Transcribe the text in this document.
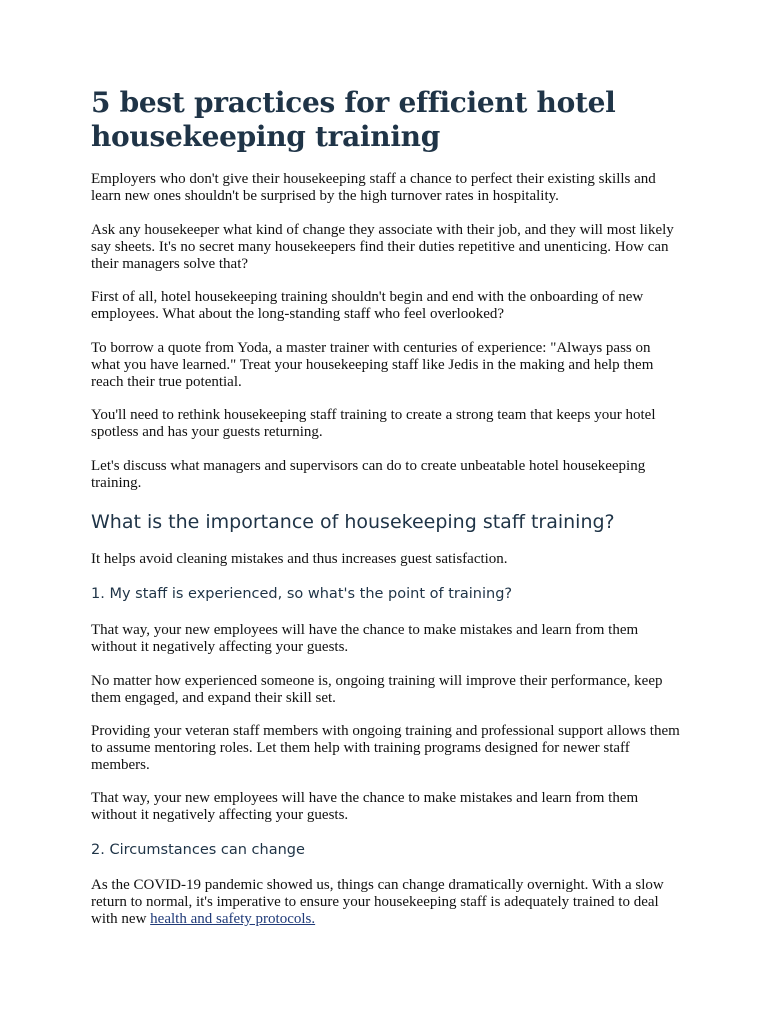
5 best practices for efficient hotel housekeeping training

Employers who don't give their housekeeping staff a chance to perfect their existing skills and learn new ones shouldn't be surprised by the high turnover rates in hospitality.

Ask any housekeeper what kind of change they associate with their job, and they will most likely say sheets. It's no secret many housekeepers find their duties repetitive and unenticing. How can their managers solve that?

First of all, hotel housekeeping training shouldn't begin and end with the onboarding of new employees. What about the long-standing staff who feel overlooked?

To borrow a quote from Yoda, a master trainer with centuries of experience: "Always pass on what you have learned." Treat your housekeeping staff like Jedis in the making and help them reach their true potential.

You'll need to rethink housekeeping staff training to create a strong team that keeps your hotel spotless and has your guests returning.

Let's discuss what managers and supervisors can do to create unbeatable hotel housekeeping training.

What is the importance of housekeeping staff training?

It helps avoid cleaning mistakes and thus increases guest satisfaction.

1. My staff is experienced, so what's the point of training?

That way, your new employees will have the chance to make mistakes and learn from them without it negatively affecting your guests.

No matter how experienced someone is, ongoing training will improve their performance, keep them engaged, and expand their skill set.

Providing your veteran staff members with ongoing training and professional support allows them to assume mentoring roles. Let them help with training programs designed for newer staff members.

That way, your new employees will have the chance to make mistakes and learn from them without it negatively affecting your guests.

2. Circumstances can change

As the COVID-19 pandemic showed us, things can change dramatically overnight. With a slow return to normal, it's imperative to ensure your housekeeping staff is adequately trained to deal with new health and safety protocols.
